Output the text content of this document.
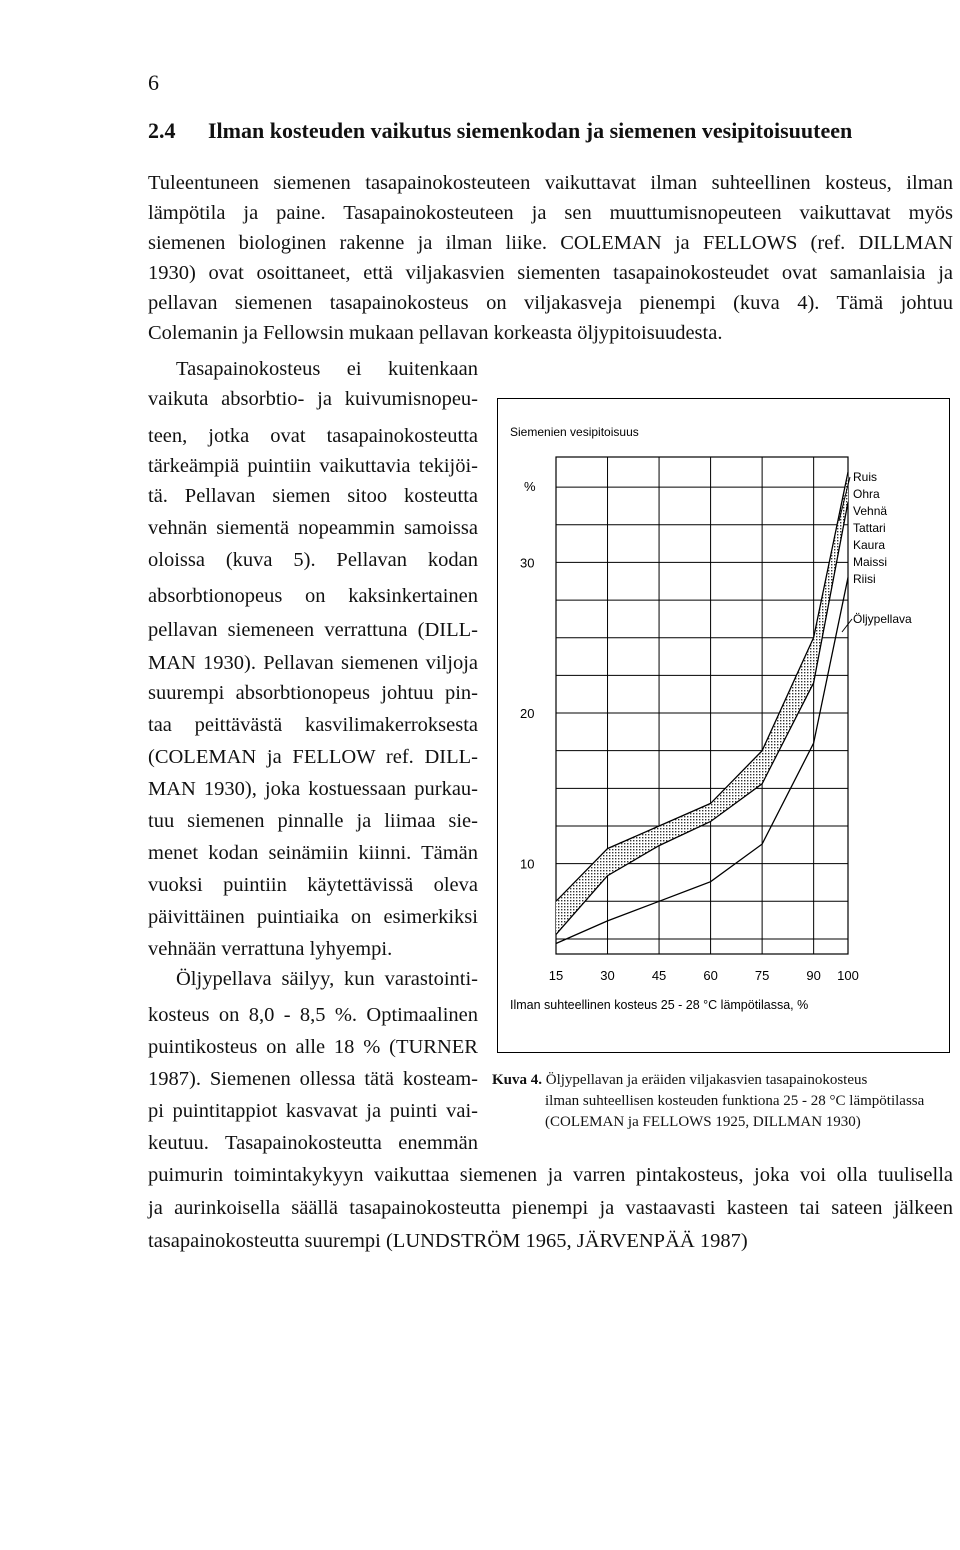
6
2.4 Ilman kosteuden vaikutus siemenkodan ja siemenen vesipitoisuuteen
Tuleentuneen siemenen tasapainokosteuteen vaikuttavat ilman suhteellinen kosteus, ilman
lämpötila ja paine. Tasapainokosteuteen ja sen muuttumisnopeuteen vaikuttavat myös
siemenen biologinen rakenne ja ilman liike. COLEMAN ja FELLOWS (ref. DILLMAN
1930) ovat osoittaneet, että viljakasvien siementen tasapainokosteudet ovat samanlaisia ja
pellavan siemenen tasapainokosteus on viljakasveja pienempi (kuva 4). Tämä johtuu
Colemanin ja Fellowsin mukaan pellavan korkeasta öljypitoisuudesta.
Tasapainokosteus ei kuitenkaan
vaikuta absorbtio- ja kuivumisnopeu-
teen, jotka ovat tasapainokosteutta
tärkeämpiä puintiin vaikuttavia tekijöi-
tä. Pellavan siemen sitoo kosteutta
vehnän siementä nopeammin samoissa
oloissa (kuva 5). Pellavan kodan
absorbtionopeus on kaksinkertainen
pellavan siemeneen verrattuna (DILL-
MAN 1930). Pellavan siemenen viljoja
suurempi absorbtionopeus johtuu pin-
taa peittävästä kasvilimakerroksesta
(COLEMAN ja FELLOW ref. DILL-
MAN 1930), joka kostuessaan purkau-
tuu siemenen pinnalle ja liimaa sie-
menet kodan seinämiin kiinni. Tämän
vuoksi puintiin käytettävissä oleva
päivittäinen puintiaika on esimerkiksi
vehnään verrattuna lyhyempi.
Öljypellava säilyy, kun varastointi-
kosteus on 8,0 - 8,5 %. Optimaalinen
puintikosteus on alle 18 % (TURNER
1987). Siemenen ollessa tätä kosteam-
pi puintitappiot kasvavat ja puinti vai-
keutuu. Tasapainokosteutta enemmän
puimurin toimintakykyyn vaikuttaa siemenen ja varren pintakosteus, joka voi olla tuulisella
ja aurinkoisella säällä tasapainokosteutta pienempi ja vastaavasti kasteen tai sateen jälkeen
tasapainokosteutta suurempi (LUNDSTRÖM 1965, JÄRVENPÄÄ 1987)
Siemenien vesipitoisuus
%
10
20
30
15	30	45	60	75	90 100
Ruis
Ohra
Vehnä
Tattari
Kaura
Maissi
Riisi
Öljypellava
Ilman suhteellinen kosteus 25 - 28 °C lämpötilassa, %
Kuva 4. Öljypellavan ja eräiden viljakasvien tasapainokosteus
ilman suhteellisen kosteuden funktiona 25 - 28 °C lämpötilassa
(COLEMAN ja FELLOWS 1925, DILLMAN 1930)
